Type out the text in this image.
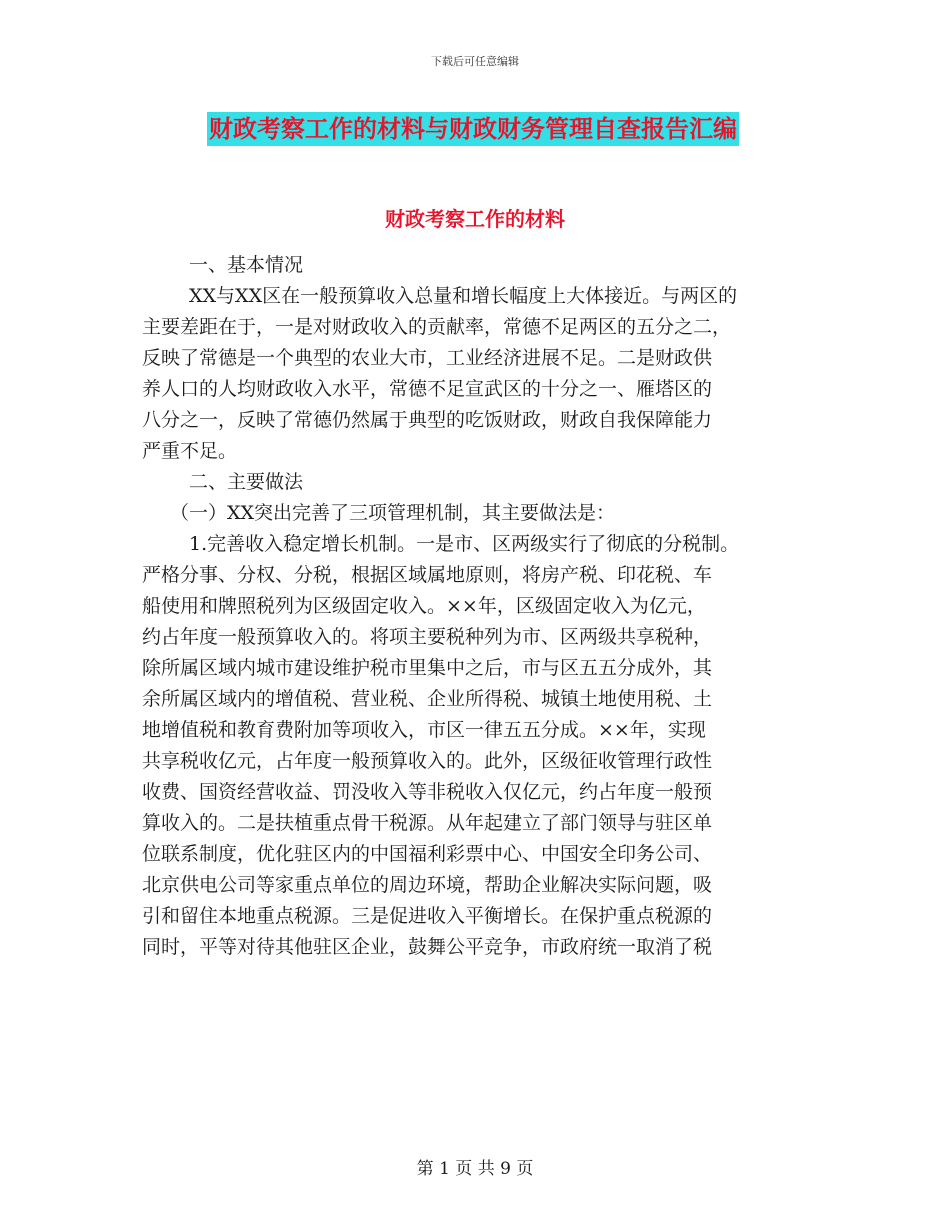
下载后可任意编辑
财政考察工作的材料与财政财务管理自查报告汇编
财政考察工作的材料
一、基本情况
XX与XX区在一般预算收入总量和增长幅度上大体接近。与两区的
主要差距在于，一是对财政收入的贡献率，常德不足两区的五分之二，
反映了常德是一个典型的农业大市，工业经济进展不足。二是财政供
养人口的人均财政收入水平，常德不足宣武区的十分之一、雁塔区的
八分之一，反映了常德仍然属于典型的吃饭财政，财政自我保障能力
严重不足。
二、主要做法
（一）XX突出完善了三项管理机制，其主要做法是：
1.完善收入稳定增长机制。一是市、区两级实行了彻底的分税制。
严格分事、分权、分税，根据区域属地原则，将房产税、印花税、车
船使用和牌照税列为区级固定收入。××年，区级固定收入为亿元，
约占年度一般预算收入的。将项主要税种列为市、区两级共享税种，
除所属区域内城市建设维护税市里集中之后，市与区五五分成外，其
余所属区域内的增值税、营业税、企业所得税、城镇土地使用税、土
地增值税和教育费附加等项收入，市区一律五五分成。××年，实现
共享税收亿元，占年度一般预算收入的。此外，区级征收管理行政性
收费、国资经营收益、罚没收入等非税收入仅亿元，约占年度一般预
算收入的。二是扶植重点骨干税源。从年起建立了部门领导与驻区单
位联系制度，优化驻区内的中国福利彩票中心、中国安全印务公司、
北京供电公司等家重点单位的周边环境，帮助企业解决实际问题，吸
引和留住本地重点税源。三是促进收入平衡增长。在保护重点税源的
同时，平等对待其他驻区企业，鼓舞公平竞争，市政府统一取消了税
第 1 页 共 9 页
